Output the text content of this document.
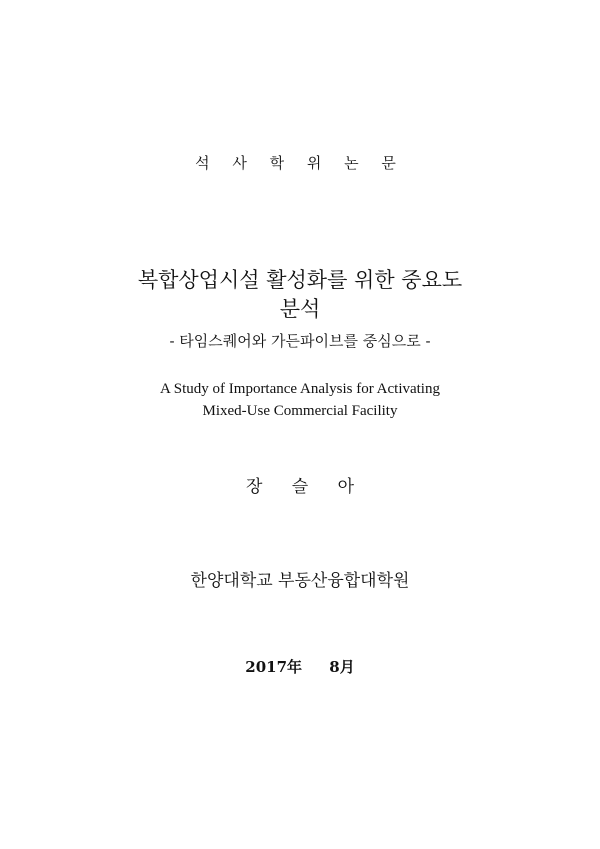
석 사 학 위 논 문
복합상업시설 활성화를 위한 중요도
분석
- 타임스퀘어와 가든파이브를 중심으로 -
A Study of Importance Analysis for Activating
Mixed-Use Commercial Facility
장 슬 아
한양대학교 부동산융합대학원
2017年 8月
